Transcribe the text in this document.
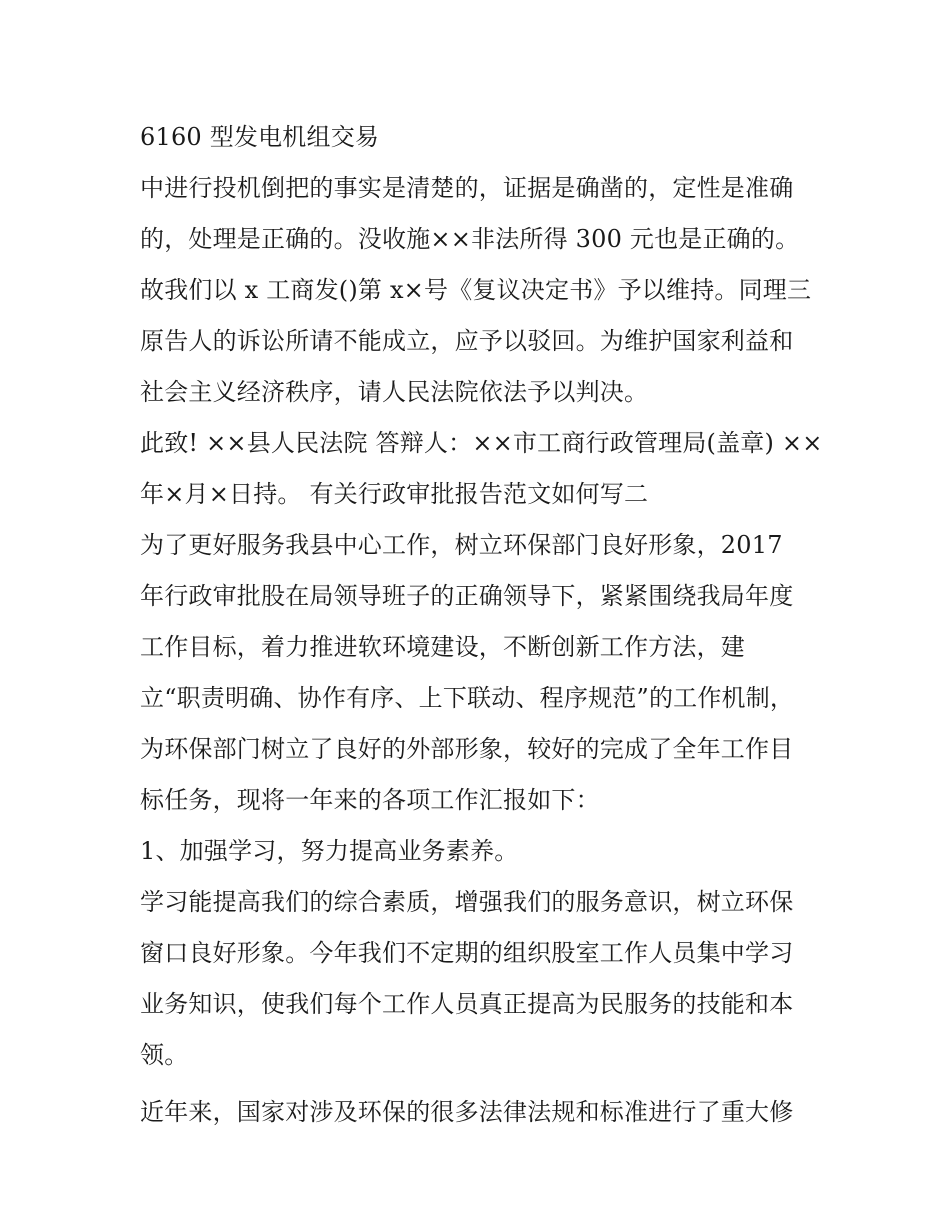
6160 型发电机组交易
中进行投机倒把的事实是清楚的，证据是确凿的，定性是准确
的，处理是正确的。没收施××非法所得 300 元也是正确的。
故我们以 x 工商发()第 x×号《复议决定书》予以维持。同理三
原告人的诉讼所请不能成立，应予以驳回。为维护国家利益和
社会主义经济秩序，请人民法院依法予以判决。
此致! ××县人民法院 答辩人：××市工商行政管理局(盖章) ××
年×月×日持。 有关行政审批报告范文如何写二
为了更好服务我县中心工作，树立环保部门良好形象，2017
年行政审批股在局领导班子的正确领导下，紧紧围绕我局年度
工作目标，着力推进软环境建设，不断创新工作方法，建
立“职责明确、协作有序、上下联动、程序规范”的工作机制，
为环保部门树立了良好的外部形象，较好的完成了全年工作目
标任务，现将一年来的各项工作汇报如下：
1、加强学习，努力提高业务素养。
学习能提高我们的综合素质，增强我们的服务意识，树立环保
窗口良好形象。今年我们不定期的组织股室工作人员集中学习
业务知识，使我们每个工作人员真正提高为民服务的技能和本
领。
近年来，国家对涉及环保的很多法律法规和标准进行了重大修
